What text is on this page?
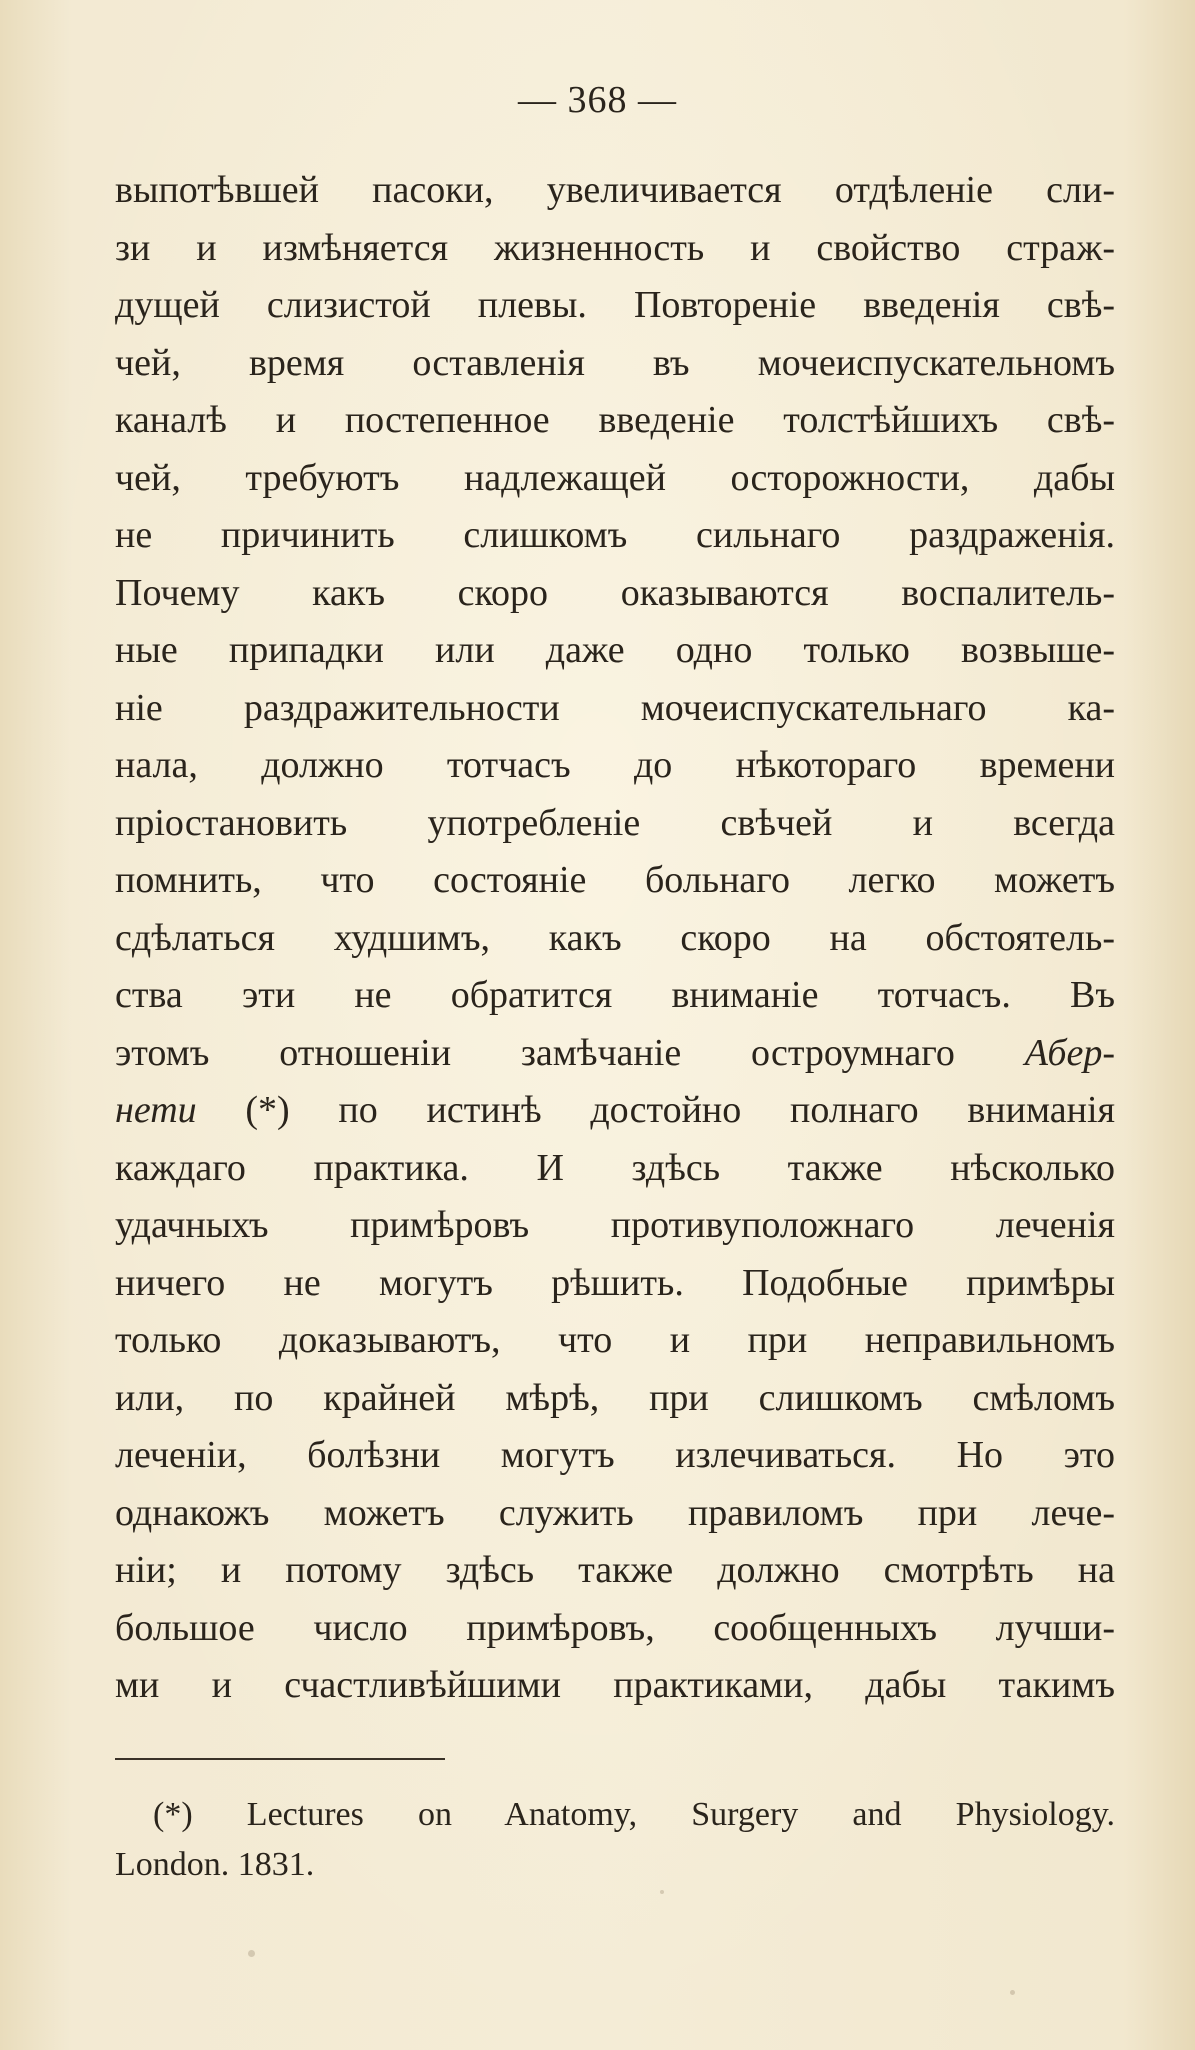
— 368 —
выпотѣвшей пасоки, увеличивается отдѣленіе сли-
зи и измѣняется жизненность и свойство страж-
дущей слизистой плевы. Повторенiе введенiя свѣ-
чей, время оставленiя въ мочеиспускательномъ
каналѣ и постепенное введенiе толстѣйшихъ свѣ-
чей, требуютъ надлежащей осторожности, дабы
не причинить слишкомъ сильнаго раздраженiя.
Почему какъ скоро оказываются воспалитель-
ные припадки или даже одно только возвыше-
нiе раздражительности мочеиспускательнаго ка-
нала, должно тотчасъ до нѣкотораго времени
прiостановить употребленiе свѣчей и всегда
помнить, что состоянiе больнаго легко можетъ
сдѣлаться худшимъ, какъ скоро на обстоятель-
ства эти не обратится вниманiе тотчасъ. Въ
этомъ отношенiи замѣчанiе остроумнаго Абер-
нети (*) по истинѣ достойно полнаго вниманiя
каждаго практика. И здѣсь также нѣсколько
удачныхъ примѣровъ противуположнаго леченiя
ничего не могутъ рѣшить. Подобные примѣры
только доказываютъ, что и при неправильномъ
или, по крайней мѣрѣ, при слишкомъ смѣломъ
леченiи, болѣзни могутъ излечиваться. Но это
однакожъ можетъ служить правиломъ при лече-
нiи; и потому здѣсь также должно смотрѣть на
большое число примѣровъ, сообщенныхъ лучши-
ми и счастливѣйшими практиками, дабы такимъ
(*) Lectures on Anatomy, Surgery and Physiology.
London. 1831.
